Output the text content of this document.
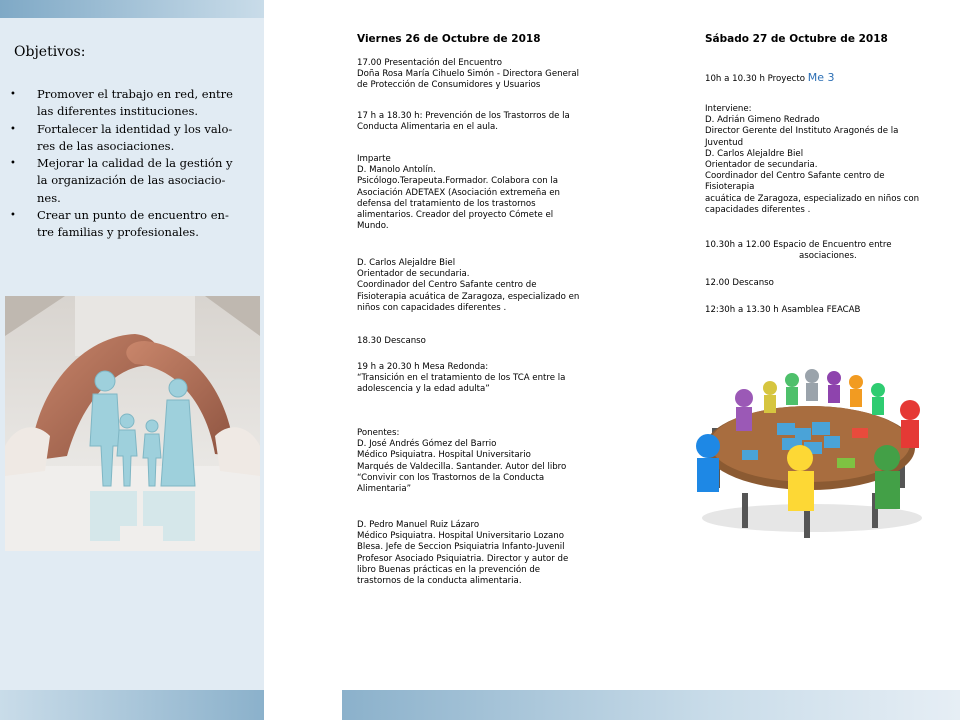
Objetivos:
• Promover el trabajo en red, entre
las diferentes instituciones.
• Fortalecer la identidad y los valo-
res de las asociaciones.
• Mejorar la calidad de la gestión y
la organización de las asociacio-
nes.
• Crear un punto de encuentro en-
tre familias y profesionales.
Viernes 26 de Octubre de 2018
17.00 Presentación del Encuentro
Doña Rosa María Cihuelo Simón - Directora General
de Protección de Consumidores y Usuarios
17 h a 18.30 h: Prevención de los Trastorros de la
Conducta Alimentaria en el aula.
Imparte
D. Manolo Antolín.
Psicólogo.Terapeuta.Formador. Colabora con la
Asociación ADETAEX (Asociación extremeña en
defensa del tratamiento de los trastornos
alimentarios. Creador del proyecto Cómete el
Mundo.
D. Carlos Alejaldre Biel
Orientador de secundaria.
Coordinador del Centro Safante centro de
Fisioterapia acuática de Zaragoza, especializado en
niños con capacidades diferentes .
18.30 Descanso
19 h a 20.30 h Mesa Redonda:
“Transición en el tratamiento de los TCA entre la
adolescencia y la edad adulta”
Ponentes:
D. José Andrés Gómez del Barrio
Médico Psiquiatra. Hospital Universitario
Marqués de Valdecilla. Santander. Autor del libro
“Convivir con los Trastornos de la Conducta
Alimentaria”
D. Pedro Manuel Ruiz Lázaro
Médico Psiquiatra. Hospital Universitario Lozano
Blesa. Jefe de Seccion Psiquiatria Infanto-Juvenil
Profesor Asociado Psiquiatria. Director y autor de
libro Buenas prácticas en la prevención de
trastornos de la conducta alimentaria.
Sábado 27 de Octubre de 2018
10h a 10.30 h Proyecto Me 3
Interviene:
D. Adrián Gimeno Redrado
Director Gerente del Instituto Aragonés de la Juventud
D. Carlos Alejaldre Biel
Orientador de secundaria.
Coordinador del Centro Safante centro de Fisioterapia
acuática de Zaragoza, especializado en niños con
capacidades diferentes .
10.30h a 12.00 Espacio de Encuentro entre
asociaciones.
12.00 Descanso
12:30h a 13.30 h Asamblea FEACAB
